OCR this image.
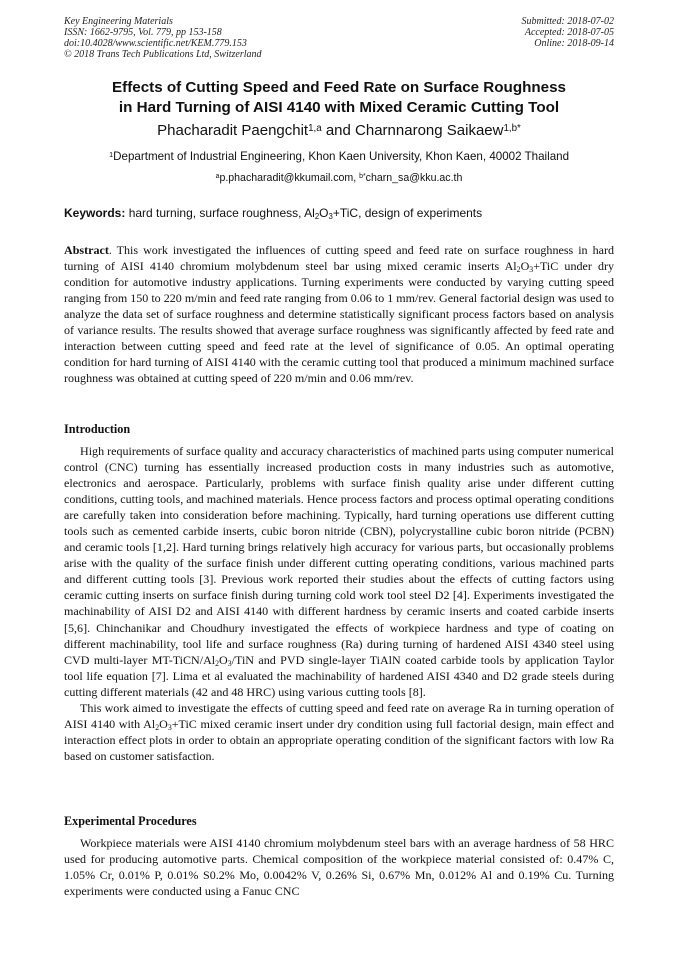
Key Engineering Materials
ISSN: 1662-9795, Vol. 779, pp 153-158
doi:10.4028/www.scientific.net/KEM.779.153
© 2018 Trans Tech Publications Ltd, Switzerland
Submitted: 2018-07-02
Accepted: 2018-07-05
Online: 2018-09-14
Effects of Cutting Speed and Feed Rate on Surface Roughness
in Hard Turning of AISI 4140 with Mixed Ceramic Cutting Tool
Phacharadit Paengchit$^{1,a}$ and Charnnarong Saikaew$^{1,b*}$
$^1$Department of Industrial Engineering, Khon Kaen University, Khon Kaen, 40002 Thailand
$^a$p.phacharadit@kkumail.com, $^{b*}$charn_sa@kku.ac.th
Keywords: hard turning, surface roughness, $Al_2O_3+TiC$, design of experiments

Abstract. This work investigated the influences of cutting speed and feed rate on surface roughness in hard turning of AISI 4140 chromium molybdenum steel bar using mixed ceramic inserts $Al_2O_3+TiC$ under dry condition for automotive industry applications. Turning experiments were conducted by varying cutting speed ranging from 150 to 220 m/min and feed rate ranging from 0.06 to 1 mm/rev. General factorial design was used to analyze the data set of surface roughness and determine statistically significant process factors based on analysis of variance results. The results showed that average surface roughness was significantly affected by feed rate and interaction between cutting speed and feed rate at the level of significance of 0.05. An optimal operating condition for hard turning of AISI 4140 with the ceramic cutting tool that produced a minimum machined surface roughness was obtained at cutting speed of 220 m/min and 0.06 mm/rev.

Introduction

High requirements of surface quality and accuracy characteristics of machined parts using computer numerical control (CNC) turning has essentially increased production costs in many industries such as automotive, electronics and aerospace. Particularly, problems with surface finish quality arise under different cutting conditions, cutting tools, and machined materials. Hence process factors and process optimal operating conditions are carefully taken into consideration before machining. Typically, hard turning operations use different cutting tools such as cemented carbide inserts, cubic boron nitride (CBN), polycrystalline cubic boron nitride (PCBN) and ceramic tools [1,2]. Hard turning brings relatively high accuracy for various parts, but occasionally problems arise with the quality of the surface finish under different cutting operating conditions, various machined parts and different cutting tools [3]. Previous work reported their studies about the effects of cutting factors using ceramic cutting inserts on surface finish during turning cold work tool steel D2 [4]. Experiments investigated the machinability of AISI D2 and AISI 4140 with different hardness by ceramic inserts and coated carbide inserts [5,6]. Chinchanikar and Choudhury investigated the effects of workpiece hardness and type of coating on different machinability, tool life and surface roughness (Ra) during turning of hardened AISI 4340 steel using CVD multi-layer $MT-TiCN/Al_2O_3$/TiN and PVD single-layer TiAlN coated carbide tools by application Taylor tool life equation [7]. Lima et al evaluated the machinability of hardened AISI 4340 and D2 grade steels during cutting different materials (42 and 48 HRC) using various cutting tools [8].

This work aimed to investigate the effects of cutting speed and feed rate on average Ra in turning operation of AISI 4140 with $Al_2O_3+TiC$ mixed ceramic insert under dry condition using full factorial design, main effect and interaction effect plots in order to obtain an appropriate operating condition of the significant factors with low Ra based on customer satisfaction.

Experimental Procedures

Workpiece materials were AISI 4140 chromium molybdenum steel bars with an average hardness of 58 HRC used for producing automotive parts. Chemical composition of the workpiece material consisted of: 0.47% C, 1.05% Cr, 0.01% P, 0.01% S0.2% Mo, 0.0042% V, 0.26% Si, 0.67% Mn, 0.012% Al and 0.19% Cu. Turning experiments were conducted using a Fanuc CNC
